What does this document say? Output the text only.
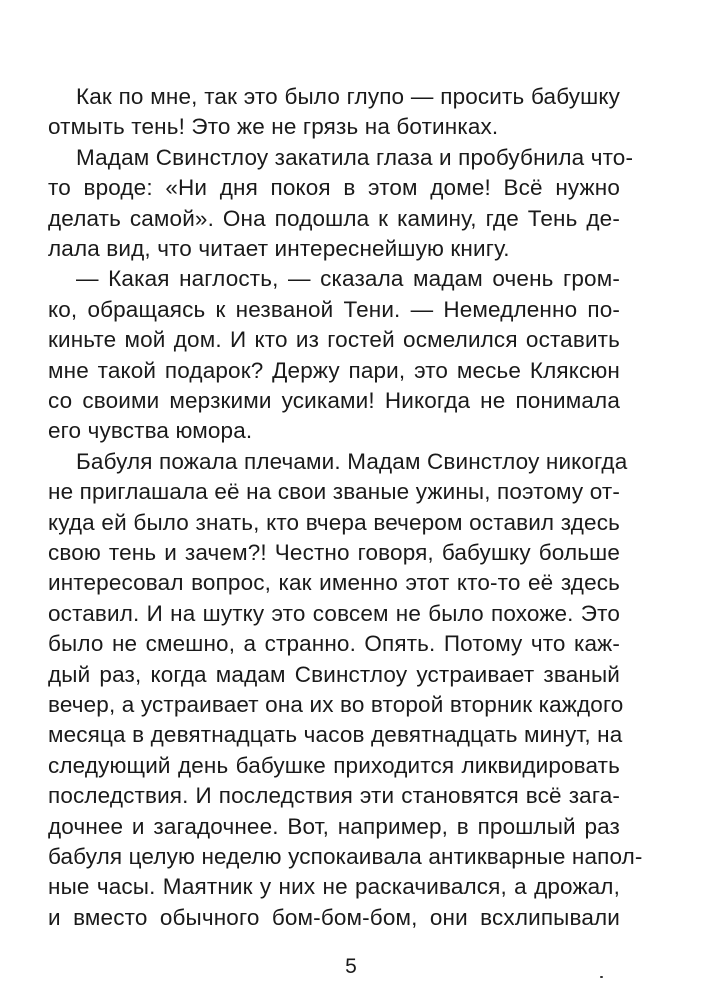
Как по мне, так это было глупо — просить бабушку
отмыть тень! Это же не грязь на ботинках.
Мадам Свинстлоу закатила глаза и пробубнила что-
то вроде: «Ни дня покоя в этом доме! Всё нужно
делать самой». Она подошла к камину, где Тень де-
лала вид, что читает интереснейшую книгу.
— Какая наглость, — сказала мадам очень гром-
ко, обращаясь к незваной Тени. — Немедленно по-
киньте мой дом. И кто из гостей осмелился оставить
мне такой подарок? Держу пари, это месье Кляксюн
со своими мерзкими усиками! Никогда не понимала
его чувства юмора.
Бабуля пожала плечами. Мадам Свинстлоу никогда
не приглашала её на свои званые ужины, поэтому от-
куда ей было знать, кто вчера вечером оставил здесь
свою тень и зачем?! Честно говоря, бабушку больше
интересовал вопрос, как именно этот кто-то её здесь
оставил. И на шутку это совсем не было похоже. Это
было не смешно, а странно. Опять. Потому что каж-
дый раз, когда мадам Свинстлоу устраивает званый
вечер, а устраивает она их во второй вторник каждого
месяца в девятнадцать часов девятнадцать минут, на
следующий день бабушке приходится ликвидировать
последствия. И последствия эти становятся всё зага-
дочнее и загадочнее. Вот, например, в прошлый раз
бабуля целую неделю успокаивала антикварные напол-
ные часы. Маятник у них не раскачивался, а дрожал,
и вместо обычного бом-бом-бом, они всхлипывали
5
